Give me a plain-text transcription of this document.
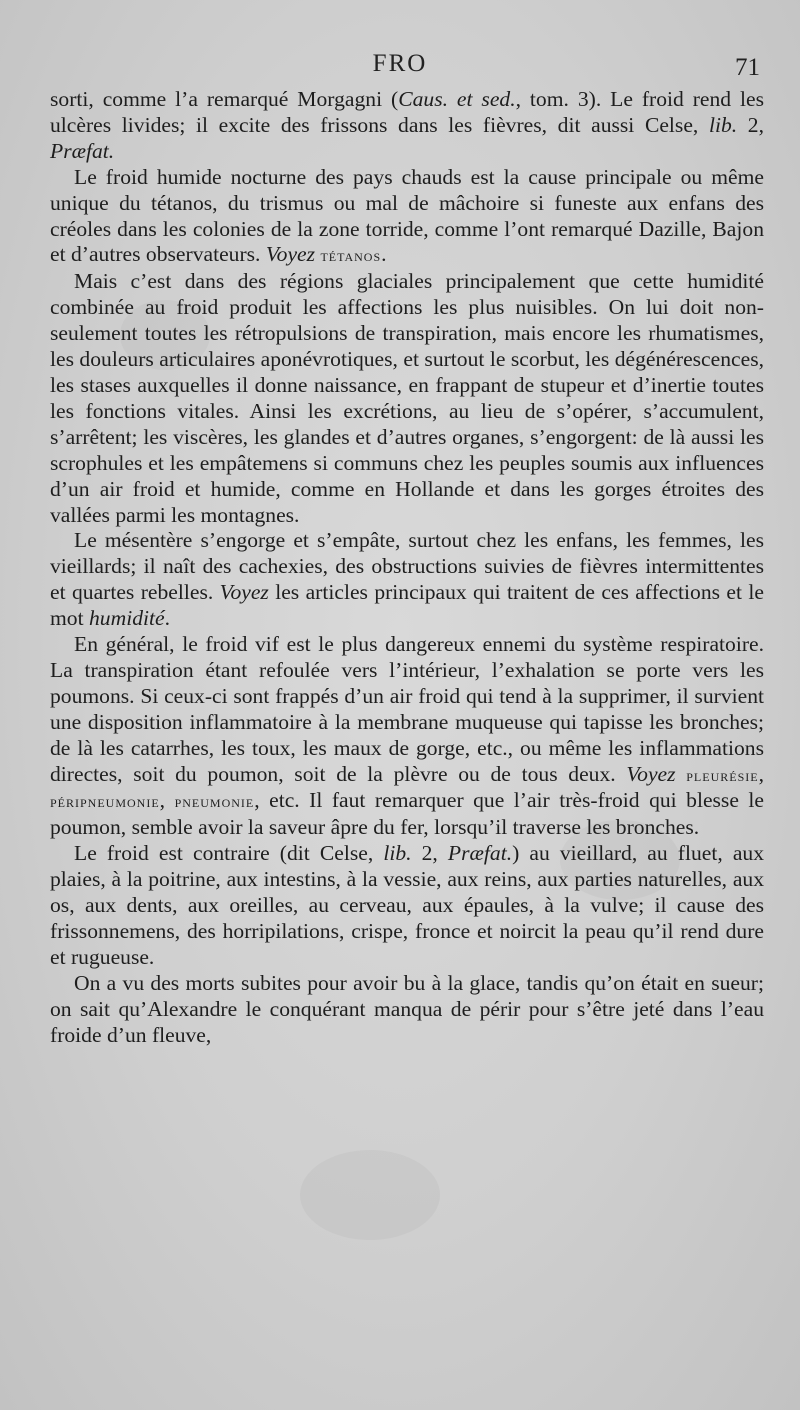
FRO	71

sorti, comme l’a remarqué Morgagni (Caus. et sed., tom. 3). Le froid rend les ulcères livides; il excite des frissons dans les fièvres, dit aussi Celse, lib. 2, Præfat.

Le froid humide nocturne des pays chauds est la cause principale ou même unique du tétanos, du trismus ou mal de mâchoire si funeste aux enfans des créoles dans les colonies de la zone torride, comme l’ont remarqué Dazille, Bajon et d’autres observateurs. Voyez tétanos.

Mais c’est dans des régions glaciales principalement que cette humidité combinée au froid produit les affections les plus nuisibles. On lui doit non-seulement toutes les rétropulsions de transpiration, mais encore les rhumatismes, les douleurs articulaires aponévrotiques, et surtout le scorbut, les dégénérescences, les stases auxquelles il donne naissance, en frappant de stupeur et d’inertie toutes les fonctions vitales. Ainsi les excrétions, au lieu de s’opérer, s’accumulent, s’arrêtent; les viscères, les glandes et d’autres organes, s’engorgent: de là aussi les scrophules et les empâtemens si communs chez les peuples soumis aux influences d’un air froid et humide, comme en Hollande et dans les gorges étroites des vallées parmi les montagnes.

Le mésentère s’engorge et s’empâte, surtout chez les enfans, les femmes, les vieillards; il naît des cachexies, des obstructions suivies de fièvres intermittentes et quartes rebelles. Voyez les articles principaux qui traitent de ces affections et le mot humidité.

En général, le froid vif est le plus dangereux ennemi du système respiratoire. La transpiration étant refoulée vers l’intérieur, l’exhalation se porte vers les poumons. Si ceux-ci sont frappés d’un air froid qui tend à la supprimer, il survient une disposition inflammatoire à la membrane muqueuse qui tapisse les bronches; de là les catarrhes, les toux, les maux de gorge, etc., ou même les inflammations directes, soit du poumon, soit de la plèvre ou de tous deux. Voyez pleurésie, péripneumonie, pneumonie, etc. Il faut remarquer que l’air très-froid qui blesse le poumon, semble avoir la saveur âpre du fer, lorsqu’il traverse les bronches.

Le froid est contraire (dit Celse, lib. 2, Præfat.) au vieillard, au fluet, aux plaies, à la poitrine, aux intestins, à la vessie, aux reins, aux parties naturelles, aux os, aux dents, aux oreilles, au cerveau, aux épaules, à la vulve; il cause des frissonnemens, des horripilations, crispe, fronce et noircit la peau qu’il rend dure et rugueuse.

On a vu des morts subites pour avoir bu à la glace, tandis qu’on était en sueur; on sait qu’Alexandre le conquérant manqua de périr pour s’être jeté dans l’eau froide d’un fleuve,
